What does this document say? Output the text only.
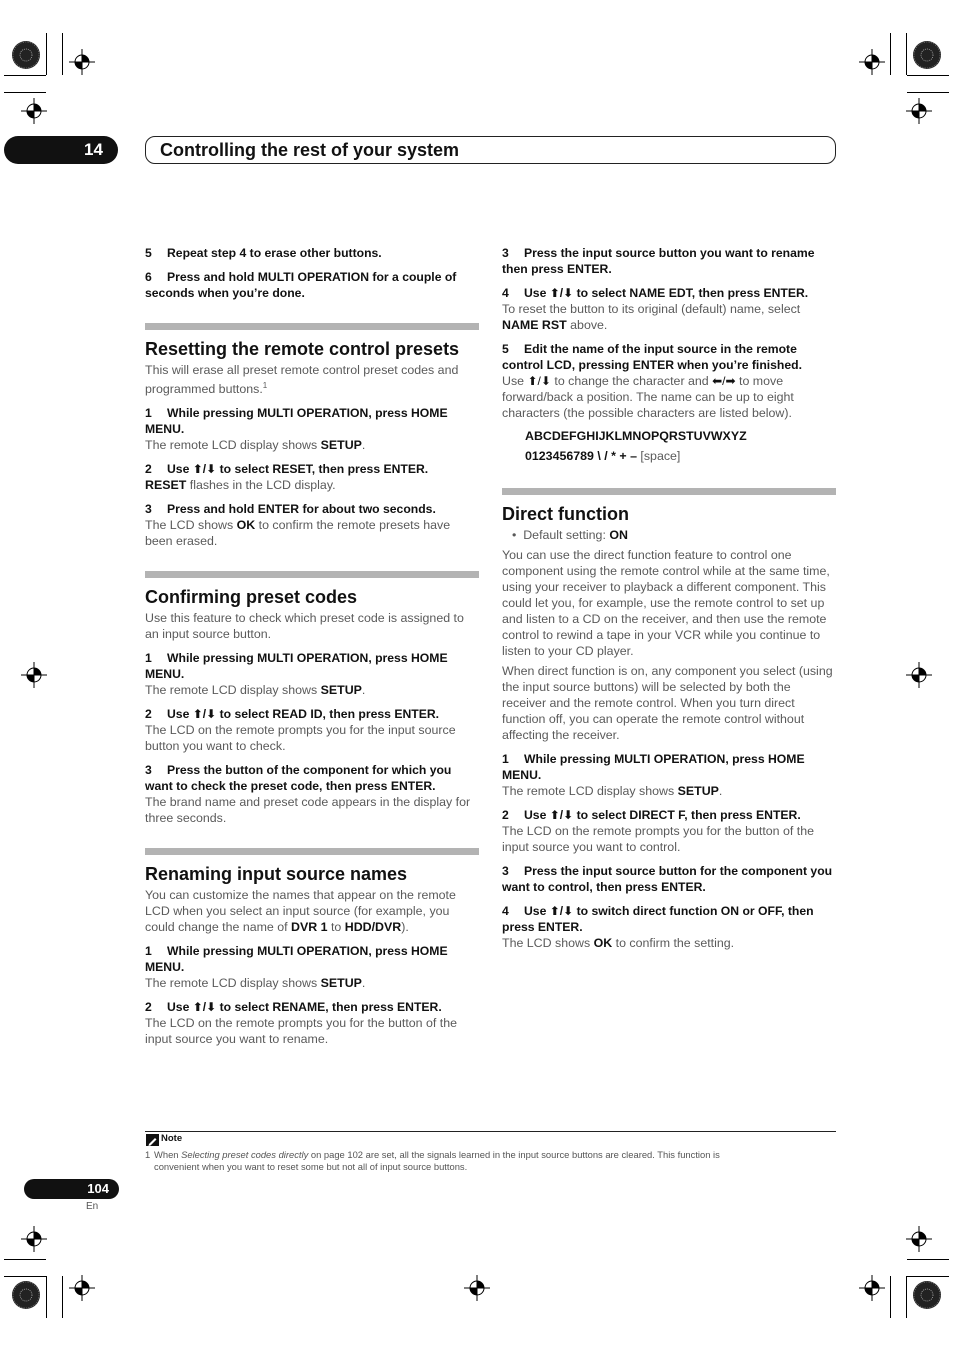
14	Controlling the rest of your system
5 Repeat step 4 to erase other buttons.
6 Press and hold MULTI OPERATION for a couple of seconds when you’re done.
Resetting the remote control presets
This will erase all preset remote control preset codes and programmed buttons.$^1$
1 While pressing MULTI OPERATION, press HOME MENU.
The remote LCD display shows SETUP.
2 Use ⬆/⬇ to select RESET, then press ENTER.
RESET flashes in the LCD display.
3 Press and hold ENTER for about two seconds.
The LCD shows OK to confirm the remote presets have been erased.
Confirming preset codes
Use this feature to check which preset code is assigned to an input source button.
1 While pressing MULTI OPERATION, press HOME MENU.
The remote LCD display shows SETUP.
2 Use ⬆/⬇ to select READ ID, then press ENTER.
The LCD on the remote prompts you for the input source button you want to check.
3 Press the button of the component for which you want to check the preset code, then press ENTER.
The brand name and preset code appears in the display for three seconds.
Renaming input source names
You can customize the names that appear on the remote LCD when you select an input source (for example, you could change the name of DVR 1 to HDD/DVR).
1 While pressing MULTI OPERATION, press HOME MENU.
The remote LCD display shows SETUP.
2 Use ⬆/⬇ to select RENAME, then press ENTER.
The LCD on the remote prompts you for the button of the input source you want to rename.
3 Press the input source button you want to rename then press ENTER.
4 Use ⬆/⬇ to select NAME EDT, then press ENTER.
To reset the button to its original (default) name, select NAME RST above.
5 Edit the name of the input source in the remote control LCD, pressing ENTER when you’re finished.
Use ⬆/⬇ to change the character and ⬅/➡ to move forward/back a position. The name can be up to eight characters (the possible characters are listed below).
ABCDEFGHIJKLMNOPQRSTUVWXYZ
0123456789 \ / * + – [space]
Direct function
•  Default setting: ON
You can use the direct function feature to control one component using the remote control while at the same time, using your receiver to playback a different component. This could let you, for example, use the remote control to set up and listen to a CD on the receiver, and then use the remote control to rewind a tape in your VCR while you continue to listen to your CD player.
When direct function is on, any component you select (using the input source buttons) will be selected by both the receiver and the remote control. When you turn direct function off, you can operate the remote control without affecting the receiver.
1 While pressing MULTI OPERATION, press HOME MENU.
The remote LCD display shows SETUP.
2 Use ⬆/⬇ to select DIRECT F, then press ENTER.
The LCD on the remote prompts you for the button of the input source you want to control.
3 Press the input source button for the component you want to control, then press ENTER.
4 Use ⬆/⬇ to switch direct function ON or OFF, then press ENTER.
The LCD shows OK to confirm the setting.
Note
1 When Selecting preset codes directly on page 102 are set, all the signals learned in the input source buttons are cleared. This function is
convenient when you want to reset some but not all of input source buttons.
104
En
